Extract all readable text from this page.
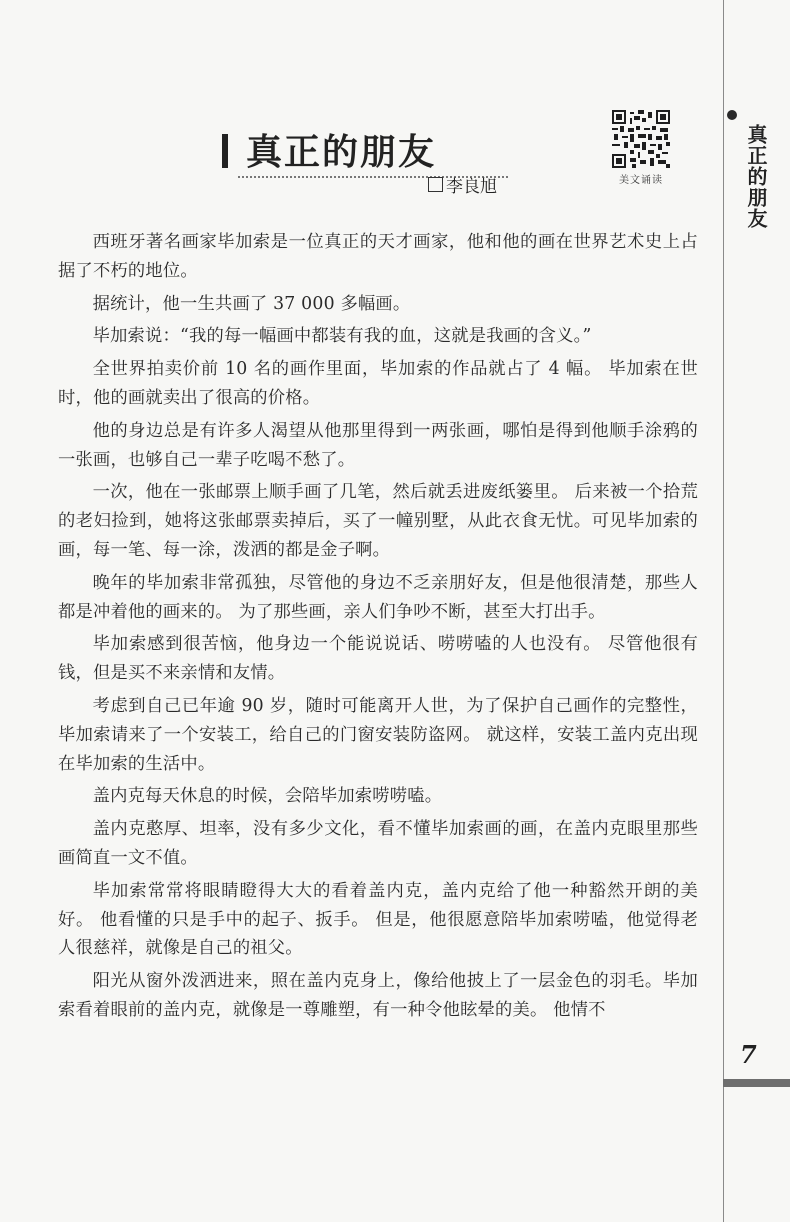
真正的朋友
真正的朋友
李良旭	美文诵读

西班牙著名画家毕加索是一位真正的天才画家，他和他的画在世界艺术史上占据了不朽的地位。

据统计，他一生共画了 37 000 多幅画。

毕加索说：“我的每一幅画中都装有我的血，这就是我画的含义。”

全世界拍卖价前 10 名的画作里面，毕加索的作品就占了 4 幅。 毕加索在世时，他的画就卖出了很高的价格。

他的身边总是有许多人渴望从他那里得到一两张画，哪怕是得到他顺手涂鸦的一张画，也够自己一辈子吃喝不愁了。

一次，他在一张邮票上顺手画了几笔，然后就丢进废纸篓里。 后来被一个拾荒的老妇捡到，她将这张邮票卖掉后，买了一幢别墅，从此衣食无忧。可见毕加索的画，每一笔、每一涂，泼洒的都是金子啊。

晚年的毕加索非常孤独，尽管他的身边不乏亲朋好友，但是他很清楚，那些人都是冲着他的画来的。 为了那些画，亲人们争吵不断，甚至大打出手。

毕加索感到很苦恼，他身边一个能说说话、唠唠嗑的人也没有。 尽管他很有钱，但是买不来亲情和友情。

考虑到自己已年逾 90 岁，随时可能离开人世，为了保护自己画作的完整性，毕加索请来了一个安装工，给自己的门窗安装防盗网。 就这样，安装工盖内克出现在毕加索的生活中。

盖内克每天休息的时候，会陪毕加索唠唠嗑。

盖内克憨厚、坦率，没有多少文化，看不懂毕加索画的画，在盖内克眼里那些画简直一文不值。

毕加索常常将眼睛瞪得大大的看着盖内克，盖内克给了他一种豁然开朗的美好。 他看懂的只是手中的起子、扳手。 但是，他很愿意陪毕加索唠嗑，他觉得老人很慈祥，就像是自己的祖父。

阳光从窗外泼洒进来，照在盖内克身上，像给他披上了一层金色的羽毛。毕加索看着眼前的盖内克，就像是一尊雕塑，有一种令他眩晕的美。 他情不

7
